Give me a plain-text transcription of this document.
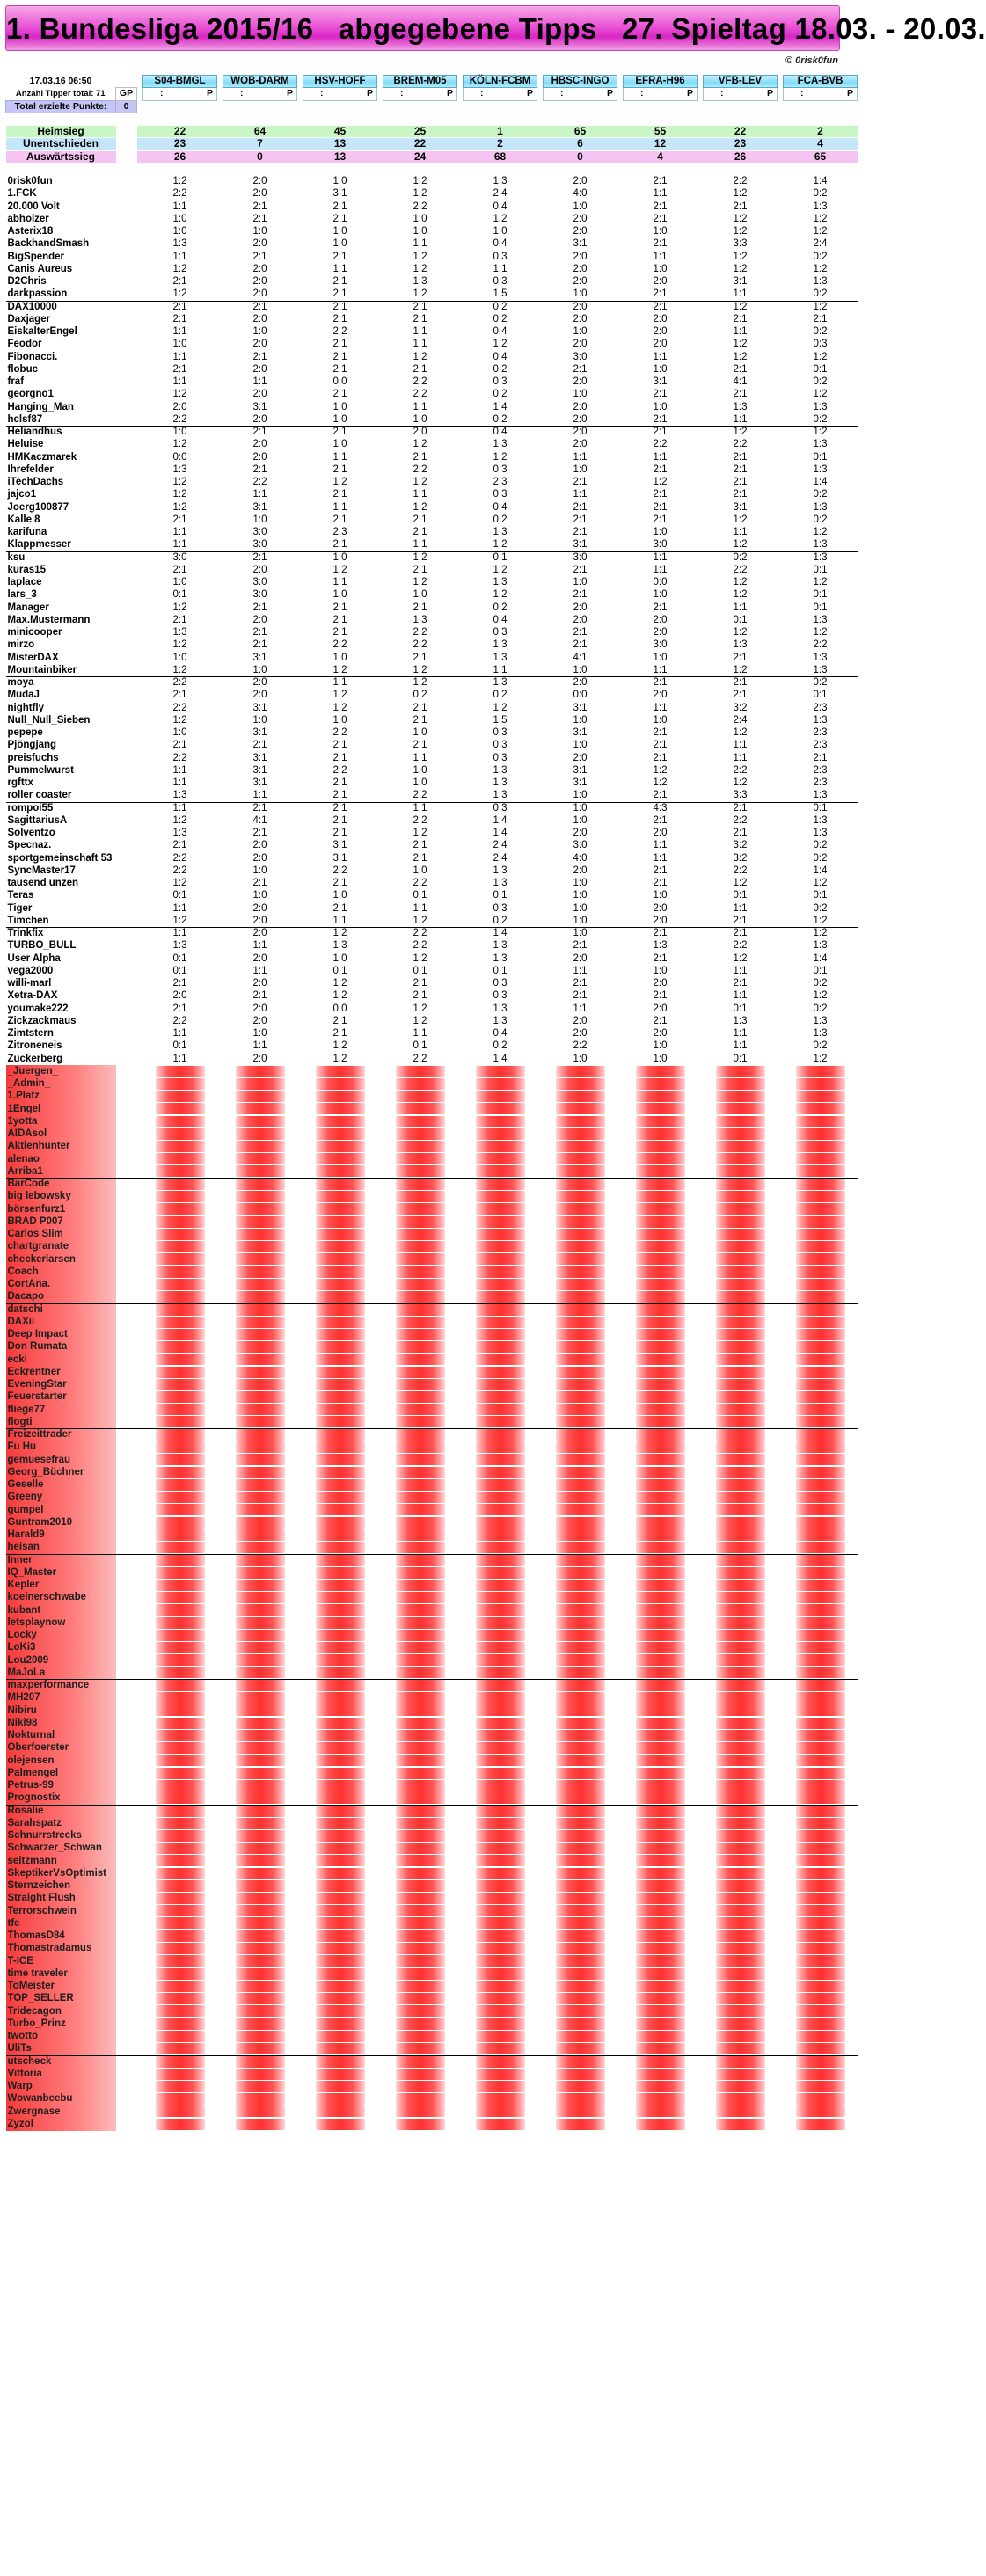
1. Bundesliga 2015/16   abgegebene Tipps   27. Spieltag 18.03. - 20.03.
© 0risk0fun
17.03.16 06:50			S04-BMGL		WOB-DARM		HSV-HOFF		BREM-M05		KÖLN-FCBM		HBSC-INGO		EFRA-H96		VFB-LEV		FCA-BVB
Anzahl Tipper total: 71	GP		: P		: P		: P		: P		: P		: P		: P		: P		: P
Total erzielte Punkte:	0																		

Heimsieg			22		64		45		25		1		65		55		22		2
Unentschieden			23		7		13		22		2		6		12		23		4
Auswärtssieg			26		0		13		24		68		0		4		26		65

0risk0fun			1:2		2:0		1:0		1:2		1:3		2:0		2:1		2:2		1:4
1.FCK			2:2		2:0		3:1		1:2		2:4		4:0		1:1		1:2		0:2
20.000 Volt			1:1		2:1		2:1		2:2		0:4		1:0		2:1		2:1		1:3
abholzer			1:0		2:1		2:1		1:0		1:2		2:0		2:1		1:2		1:2
Asterix18			1:0		1:0		1:0		1:0		1:0		2:0		1:0		1:2		1:2
BackhandSmash			1:3		2:0		1:0		1:1		0:4		3:1		2:1		3:3		2:4
BigSpender			1:1		2:1		2:1		1:2		0:3		2:0		1:1		1:2		0:2
Canis Aureus			1:2		2:0		1:1		1:2		1:1		2:0		1:0		1:2		1:2
D2Chris			2:1		2:0		2:1		1:3		0:3		2:0		2:0		3:1		1:3
darkpassion			1:2		2:0		2:1		1:2		1:5		1:0		2:1		1:1		0:2
DAX10000			2:1		2:1		2:1		2:1		0:2		2:0		2:1		1:2		1:2
Daxjager			2:1		2:0		2:1		2:1		0:2		2:0		2:0		2:1		2:1
EiskalterEngel			1:1		1:0		2:2		1:1		0:4		1:0		2:0		1:1		0:2
Feodor			1:0		2:0		2:1		1:1		1:2		2:0		2:0		1:2		0:3
Fibonacci.			1:1		2:1		2:1		1:2		0:4		3:0		1:1		1:2		1:2
flobuc			2:1		2:0		2:1		2:1		0:2		2:1		1:0		2:1		0:1
fraf			1:1		1:1		0:0		2:2		0:3		2:0		3:1		4:1		0:2
georgno1			1:2		2:0		2:1		2:2		0:2		1:0		2:1		2:1		1:2
Hanging_Man			2:0		3:1		1:0		1:1		1:4		2:0		1:0		1:3		1:3
hclsf87			2:2		2:0		1:0		1:0		0:2		2:0		2:1		1:1		0:2
Heliandhus			1:0		2:1		2:1		2:0		0:4		2:0		2:1		1:2		1:2
Heluise			1:2		2:0		1:0		1:2		1:3		2:0		2:2		2:2		1:3
HMKaczmarek			0:0		2:0		1:1		2:1		1:2		1:1		1:1		2:1		0:1
Ihrefelder			1:3		2:1		2:1		2:2		0:3		1:0		2:1		2:1		1:3
iTechDachs			1:2		2:2		1:2		1:2		2:3		2:1		1:2		2:1		1:4
jajco1			1:2		1:1		2:1		1:1		0:3		1:1		2:1		2:1		0:2
Joerg100877			1:2		3:1		1:1		1:2		0:4		2:1		2:1		3:1		1:3
Kalle 8			2:1		1:0		2:1		2:1		0:2		2:1		2:1		1:2		0:2
karifuna			1:1		3:0		2:3		2:1		1:3		2:1		1:0		1:1		1:2
Klappmesser			1:1		3:0		2:1		1:1		1:2		3:1		3:0		1:2		1:3
ksu			3:0		2:1		1:0		1:2		0:1		3:0		1:1		0:2		1:3
kuras15			2:1		2:0		1:2		2:1		1:2		2:1		1:1		2:2		0:1
laplace			1:0		3:0		1:1		1:2		1:3		1:0		0:0		1:2		1:2
lars_3			0:1		3:0		1:0		1:0		1:2		2:1		1:0		1:2		0:1
Manager			1:2		2:1		2:1		2:1		0:2		2:0		2:1		1:1		0:1
Max.Mustermann			2:1		2:0		2:1		1:3		0:4		2:0		2:0		0:1		1:3
minicooper			1:3		2:1		2:1		2:2		0:3		2:1		2:0		1:2		1:2
mirzo			1:2		2:1		2:2		2:2		1:3		2:1		3:0		1:3		2:2
MisterDAX			1:0		3:1		1:0		2:1		1:3		4:1		1:0		2:1		1:3
Mountainbiker			1:2		1:0		1:2		1:2		1:1		1:0		1:1		1:2		1:3
moya			2:2		2:0		1:1		1:2		1:3		2:0		2:1		2:1		0:2
MudaJ			2:1		2:0		1:2		0:2		0:2		0:0		2:0		2:1		0:1
nightfly			2:2		3:1		1:2		2:1		1:2		3:1		1:1		3:2		2:3
Null_Null_Sieben			1:2		1:0		1:0		2:1		1:5		1:0		1:0		2:4		1:3
pepepe			1:0		3:1		2:2		1:0		0:3		3:1		2:1		1:2		2:3
Pjöngjang			2:1		2:1		2:1		2:1		0:3		1:0		2:1		1:1		2:3
preisfuchs			2:2		3:1		2:1		1:1		0:3		2:0		2:1		1:1		2:1
Pummelwurst			1:1		3:1		2:2		1:0		1:3		3:1		1:2		2:2		2:3
rgfttx			1:1		3:1		2:1		1:0		1:3		3:1		1:2		1:2		2:3
roller coaster			1:3		1:1		2:1		2:2		1:3		1:0		2:1		3:3		1:3
rompoi55			1:1		2:1		2:1		1:1		0:3		1:0		4:3		2:1		0:1
SagittariusA			1:2		4:1		2:1		2:2		1:4		1:0		2:1		2:2		1:3
Solventzo			1:3		2:1		2:1		1:2		1:4		2:0		2:0		2:1		1:3
Specnaz.			2:1		2:0		3:1		2:1		2:4		3:0		1:1		3:2		0:2
sportgemeinschaft 53			2:2		2:0		3:1		2:1		2:4		4:0		1:1		3:2		0:2
SyncMaster17			2:2		1:0		2:2		1:0		1:3		2:0		2:1		2:2		1:4
tausend unzen			1:2		2:1		2:1		2:2		1:3		1:0		2:1		1:2		1:2
Teras			0:1		1:0		1:0		0:1		0:1		1:0		1:0		0:1		0:1
Tiger			1:1		2:0		2:1		1:1		0:3		1:0		2:0		1:1		0:2
Timchen			1:2		2:0		1:1		1:2		0:2		1:0		2:0		2:1		1:2
Trinkfix			1:1		2:0		1:2		2:2		1:4		1:0		2:1		2:1		1:2
TURBO_BULL			1:3		1:1		1:3		2:2		1:3		2:1		1:3		2:2		1:3
User Alpha			0:1		2:0		1:0		1:2		1:3		2:0		2:1		1:2		1:4
vega2000			0:1		1:1		0:1		0:1		0:1		1:1		1:0		1:1		0:1
willi-marl			2:1		2:0		1:2		2:1		0:3		2:1		2:0		2:1		0:2
Xetra-DAX			2:0		2:1		1:2		2:1		0:3		2:1		2:1		1:1		1:2
youmake222			2:1		2:0		0:0		1:2		1:3		1:1		2:0		0:1		0:2
Zickzackmaus			2:2		2:0		2:1		1:2		1:3		2:0		2:1		1:3		1:3
Zimtstern			1:1		1:0		2:1		1:1		0:4		2:0		2:0		1:1		1:3
Zitroneneis			0:1		1:1		1:2		0:1		0:2		2:2		1:0		1:1		0:2
Zuckerberg			1:1		2:0		1:2		2:2		1:4		1:0		1:0		0:1		1:2
_Juergen_																			
_Admin_																			
1.Platz																			
1Engel																			
1yotta																			
AIDAsol																			
Aktienhunter																			
alenao																			
Arriba1																			
BarCode																			
big lebowsky																			
börsenfurz1																			
BRAD P007																			
Carlos Slim																			
chartgranate																			
checkerlarsen																			
Coach																			
CortAna.																			
Dacapo																			
datschi																			
DAXii																			
Deep Impact																			
Don Rumata																			
ecki																			
Eckrentner																			
EveningStar																			
Feuerstarter																			
fliege77																			
flogti																			
Freizeittrader																			
Fu Hu																			
gemuesefrau																			
Georg_Büchner																			
Geselle																			
Greeny																			
gumpel																			
Guntram2010																			
Harald9																			
heisan																			
Inner																			
IQ_Master																			
Kepler																			
koelnerschwabe																			
kubant																			
letsplaynow																			
Locky																			
LoKi3																			
Lou2009																			
MaJoLa																			
maxperformance																			
MH207																			
Nibiru																			
Niki98																			
Nokturnal																			
Oberfoerster																			
olejensen																			
Palmengel																			
Petrus-99																			
Prognostix																			
Rosalie																			
Sarahspatz																			
Schnurrstrecks																			
Schwarzer_Schwan																			
seitzmann																			
SkeptikerVsOptimist																			
Sternzeichen																			
Straight Flush																			
Terrorschwein																			
tfe																			
ThomasD84																			
Thomastradamus																			
T-ICE																			
time traveler																			
ToMeister																			
TOP_SELLER																			
Tridecagon																			
Turbo_Prinz																			
twotto																			
UliTs																			
utscheck																			
Vittoria																			
Warp																			
Wowanbeebu																			
Zwergnase																			
Zyzol																			
